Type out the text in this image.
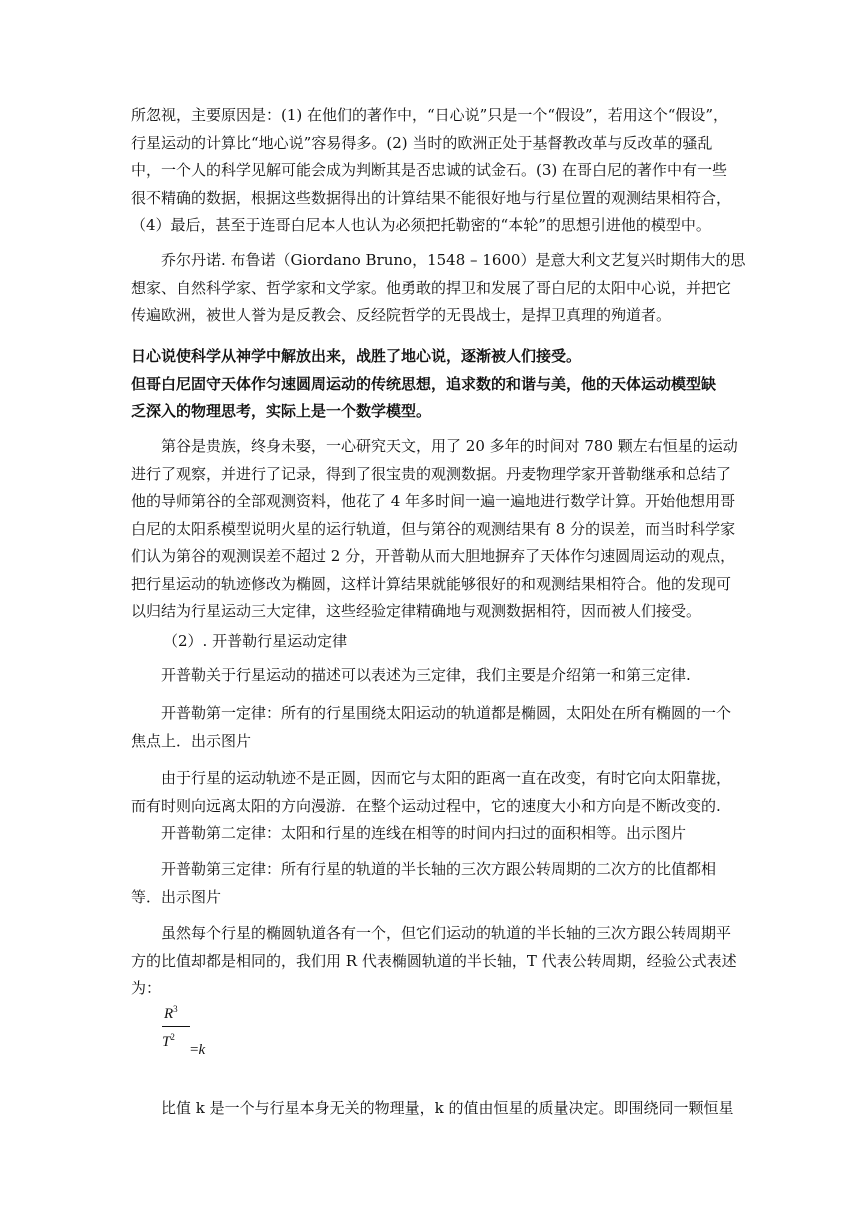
所忽视，主要原因是：(1) 在他们的著作中，“日心说”只是一个“假设”，若用这个“假设”，
行星运动的计算比“地心说”容易得多。(2) 当时的欧洲正处于基督教改革与反改革的骚乱
中，一个人的科学见解可能会成为判断其是否忠诚的试金石。(3) 在哥白尼的著作中有一些
很不精确的数据，根据这些数据得出的计算结果不能很好地与行星位置的观测结果相符合，
（4）最后，甚至于连哥白尼本人也认为必须把托勒密的“本轮”的思想引进他的模型中。
乔尔丹诺. 布鲁诺（Giordano Bruno，1548 – 1600）是意大利文艺复兴时期伟大的思
想家、自然科学家、哲学家和文学家。他勇敢的捍卫和发展了哥白尼的太阳中心说，并把它
传遍欧洲，被世人誉为是反教会、反经院哲学的无畏战士，是捍卫真理的殉道者。
日心说使科学从神学中解放出来，战胜了地心说，逐渐被人们接受。
但哥白尼固守天体作匀速圆周运动的传统思想，追求数的和谐与美，他的天体运动模型缺
乏深入的物理思考，实际上是一个数学模型。
第谷是贵族，终身未娶，一心研究天文，用了 20 多年的时间对 780 颗左右恒星的运动
进行了观察，并进行了记录，得到了很宝贵的观测数据。丹麦物理学家开普勒继承和总结了
他的导师第谷的全部观测资料，他花了 4 年多时间一遍一遍地进行数学计算。开始他想用哥
白尼的太阳系模型说明火星的运行轨道，但与第谷的观测结果有 8 分的误差，而当时科学家
们认为第谷的观测误差不超过 2 分，开普勒从而大胆地摒弃了天体作匀速圆周运动的观点，
把行星运动的轨迹修改为椭圆，这样计算结果就能够很好的和观测结果相符合。他的发现可
以归结为行星运动三大定律，这些经验定律精确地与观测数据相符，因而被人们接受。
（2）. 开普勒行星运动定律
开普勒关于行星运动的描述可以表述为三定律，我们主要是介绍第一和第三定律.
开普勒第一定律：所有的行星围绕太阳运动的轨道都是椭圆，太阳处在所有椭圆的一个
焦点上．出示图片
由于行星的运动轨迹不是正圆，因而它与太阳的距离一直在改变，有时它向太阳靠拢，
而有时则向远离太阳的方向漫游．在整个运动过程中，它的速度大小和方向是不断改变的.
开普勒第二定律：太阳和行星的连线在相等的时间内扫过的面积相等。出示图片
开普勒第三定律：所有行星的轨道的半长轴的三次方跟公转周期的二次方的比值都相
等．出示图片
虽然每个行星的椭圆轨道各有一个，但它们运动的轨道的半长轴的三次方跟公转周期平
方的比值却都是相同的，我们用 R 代表椭圆轨道的半长轴，T 代表公转周期，经验公式表述
为：
$R^3$
$T^2$
=k
比值 k 是一个与行星本身无关的物理量，k 的值由恒星的质量决定。即围绕同一颗恒星
